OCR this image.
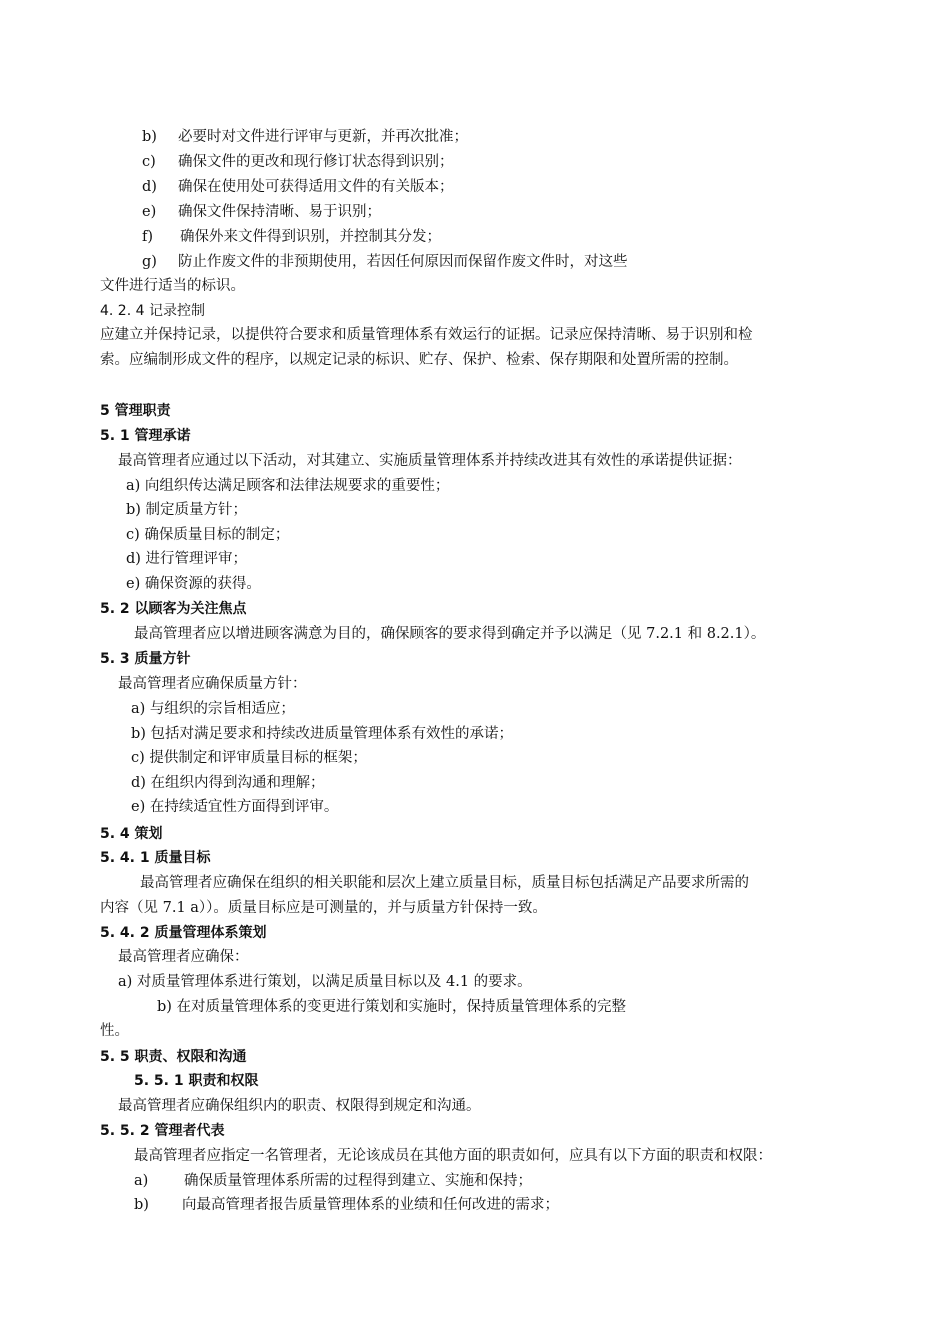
b) 必要时对文件进行评审与更新，并再次批准；
c) 确保文件的更改和现行修订状态得到识别；
d) 确保在使用处可获得适用文件的有关版本；
e) 确保文件保持清晰、易于识别；
f) 确保外来文件得到识别，并控制其分发；
g) 防止作废文件的非预期使用，若因任何原因而保留作废文件时，对这些
文件进行适当的标识。
4. 2. 4 记录控制
应建立并保持记录，以提供符合要求和质量管理体系有效运行的证据。记录应保持清晰、易于识别和检
索。应编制形成文件的程序，以规定记录的标识、贮存、保护、检索、保存期限和处置所需的控制。
5 管理职责
5. 1 管理承诺
最高管理者应通过以下活动，对其建立、实施质量管理体系并持续改进其有效性的承诺提供证据：
a) 向组织传达满足顾客和法律法规要求的重要性；
b) 制定质量方针；
c) 确保质量目标的制定；
d) 进行管理评审；
e) 确保资源的获得。
5. 2 以顾客为关注焦点
最高管理者应以增进顾客满意为目的，确保顾客的要求得到确定并予以满足（见 7.2.1 和 8.2.1）。
5. 3 质量方针
最高管理者应确保质量方针：
a) 与组织的宗旨相适应；
b) 包括对满足要求和持续改进质量管理体系有效性的承诺；
c) 提供制定和评审质量目标的框架；
d) 在组织内得到沟通和理解；
e) 在持续适宜性方面得到评审。
5. 4 策划
5. 4. 1 质量目标
最高管理者应确保在组织的相关职能和层次上建立质量目标，质量目标包括满足产品要求所需的
内容（见 7.1 a））。质量目标应是可测量的，并与质量方针保持一致。
5. 4. 2 质量管理体系策划
最高管理者应确保：
a) 对质量管理体系进行策划，以满足质量目标以及 4.1 的要求。
b) 在对质量管理体系的变更进行策划和实施时，保持质量管理体系的完整
性。
5. 5 职责、权限和沟通
5. 5. 1 职责和权限
最高管理者应确保组织内的职责、权限得到规定和沟通。
5. 5. 2 管理者代表
最高管理者应指定一名管理者，无论该成员在其他方面的职责如何，应具有以下方面的职责和权限：
a) 确保质量管理体系所需的过程得到建立、实施和保持；
b) 向最高管理者报告质量管理体系的业绩和任何改进的需求；
